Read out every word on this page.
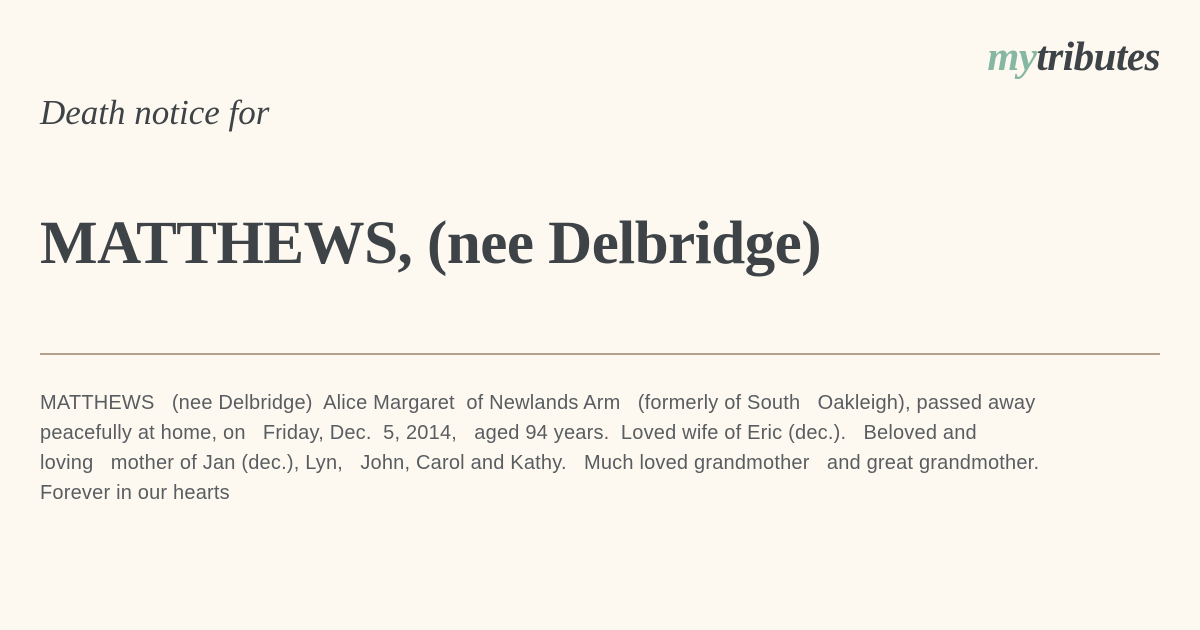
mytributes
Death notice for
MATTHEWS, (nee Delbridge)
MATTHEWS   (nee Delbridge)  Alice Margaret  of Newlands Arm   (formerly of South   Oakleigh), passed away
peacefully at home, on   Friday, Dec.  5, 2014,   aged 94 years.  Loved wife of Eric (dec.).   Beloved and
loving   mother of Jan (dec.), Lyn,   John, Carol and Kathy.   Much loved grandmother   and great grandmother.
Forever in our hearts
